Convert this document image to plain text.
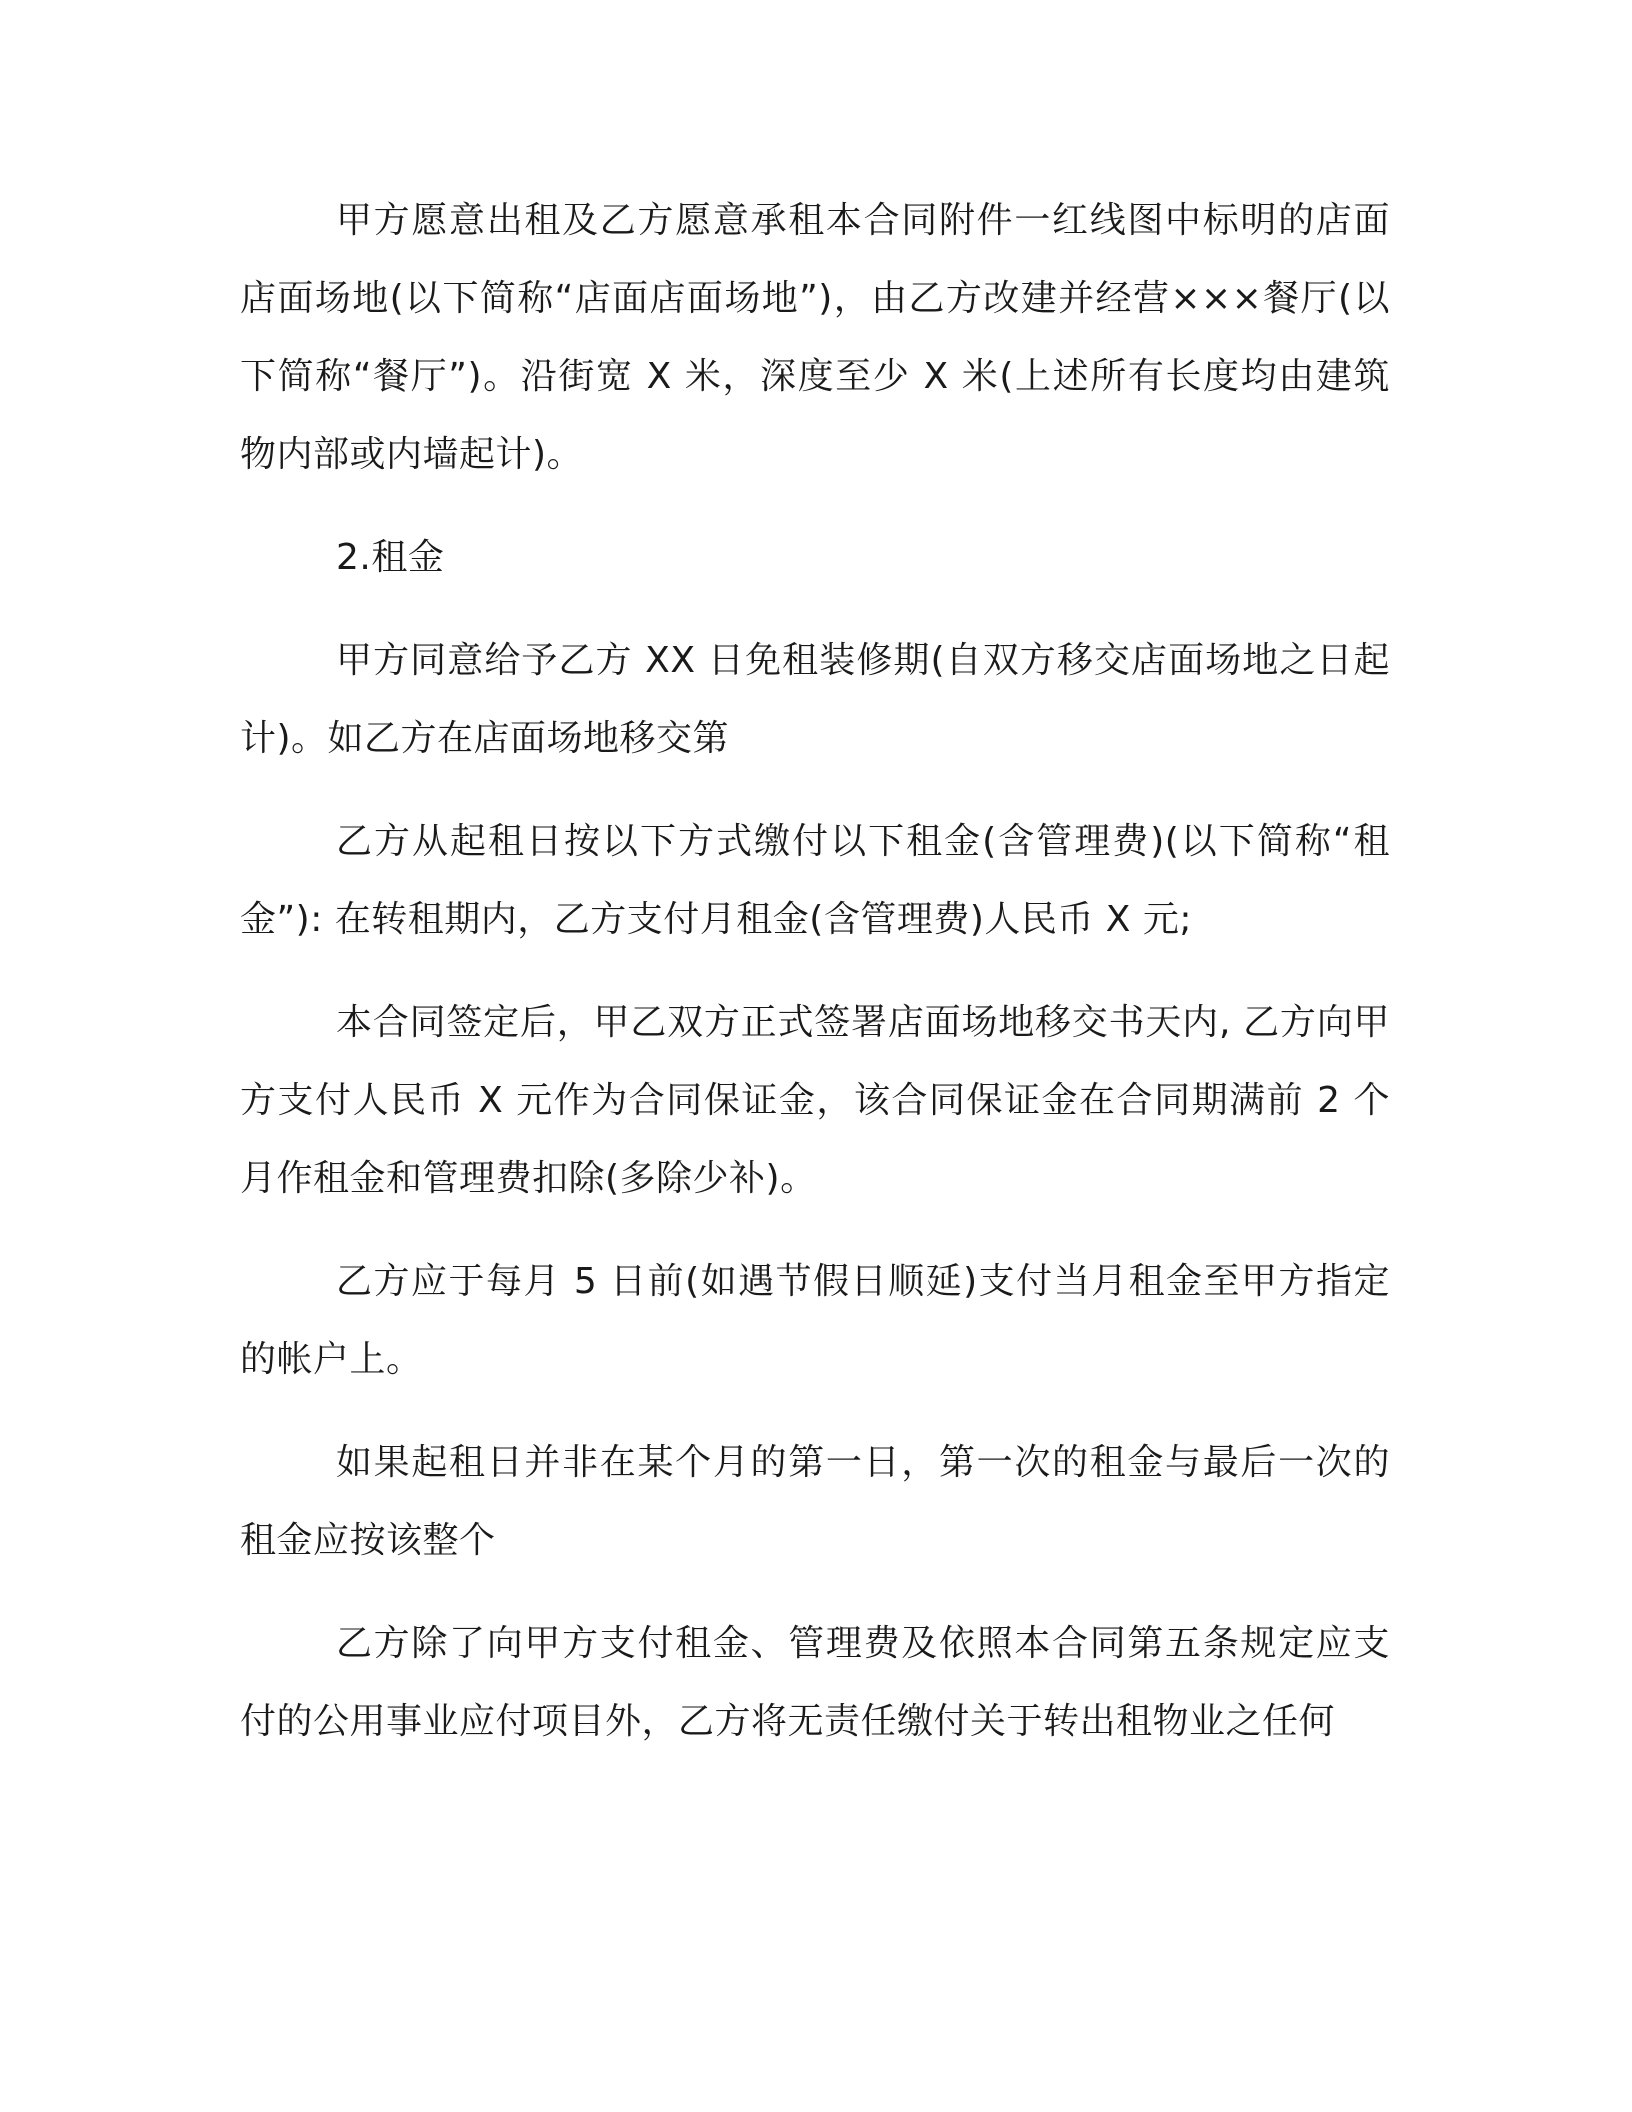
甲方愿意出租及乙方愿意承租本合同附件一红线图中标明的店面店面场地(以下简称“店面店面场地”)，由乙方改建并经营×××餐厅(以下简称“餐厅”)。沿街宽 X 米，深度至少 X 米(上述所有长度均由建筑物内部或内墙起计)。

2.租金

甲方同意给予乙方 XX 日免租装修期(自双方移交店面场地之日起计)。如乙方在店面场地移交第

乙方从起租日按以下方式缴付以下租金(含管理费)(以下简称“租金”): 在转租期内，乙方支付月租金(含管理费)人民币 X 元;

本合同签定后，甲乙双方正式签署店面场地移交书天内, 乙方向甲方支付人民币 X 元作为合同保证金，该合同保证金在合同期满前 2 个月作租金和管理费扣除(多除少补)。

乙方应于每月 5 日前(如遇节假日顺延)支付当月租金至甲方指定的帐户上。

如果起租日并非在某个月的第一日，第一次的租金与最后一次的租金应按该整个

乙方除了向甲方支付租金、管理费及依照本合同第五条规定应支付的公用事业应付项目外，乙方将无责任缴付关于转出租物业之任何
